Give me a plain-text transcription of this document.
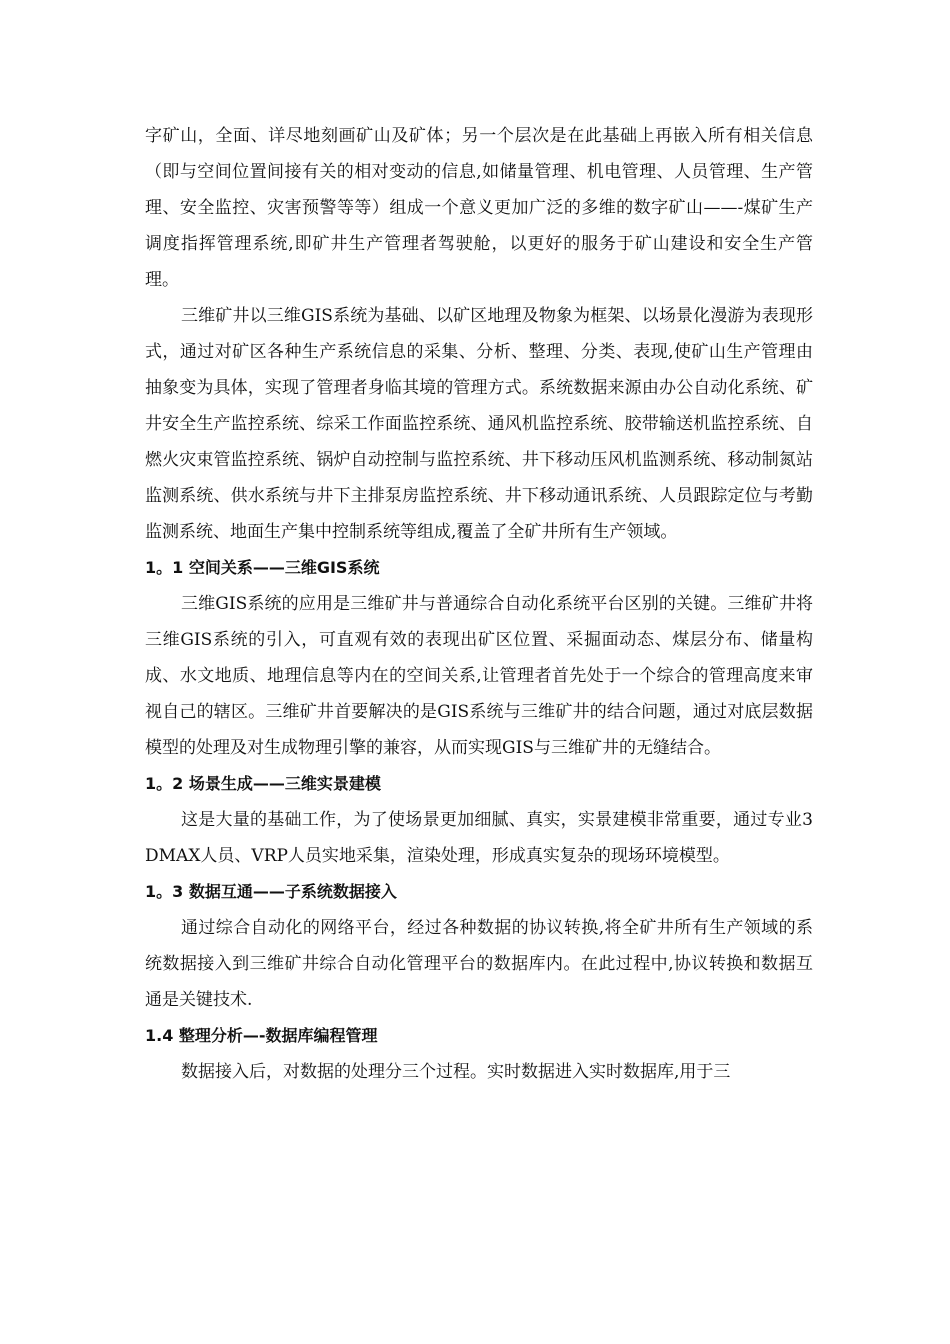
字矿山，全面、详尽地刻画矿山及矿体；另一个层次是在此基础上再嵌入所有相关信息（即与空间位置间接有关的相对变动的信息,如储量管理、机电管理、人员管理、生产管理、安全监控、灾害预警等等）组成一个意义更加广泛的多维的数字矿山——-煤矿生产调度指挥管理系统,即矿井生产管理者驾驶舱，以更好的服务于矿山建设和安全生产管理。

三维矿井以三维GIS系统为基础、以矿区地理及物象为框架、以场景化漫游为表现形式，通过对矿区各种生产系统信息的采集、分析、整理、分类、表现,使矿山生产管理由抽象变为具体，实现了管理者身临其境的管理方式。系统数据来源由办公自动化系统、矿井安全生产监控系统、综采工作面监控系统、通风机监控系统、胶带输送机监控系统、自燃火灾束管监控系统、锅炉自动控制与监控系统、井下移动压风机监测系统、移动制氮站监测系统、供水系统与井下主排泵房监控系统、井下移动通讯系统、人员跟踪定位与考勤监测系统、地面生产集中控制系统等组成,覆盖了全矿井所有生产领域。

1。1 空间关系——三维GIS系统

三维GIS系统的应用是三维矿井与普通综合自动化系统平台区别的关键。三维矿井将三维GIS系统的引入，可直观有效的表现出矿区位置、采掘面动态、煤层分布、储量构成、水文地质、地理信息等内在的空间关系,让管理者首先处于一个综合的管理高度来审视自己的辖区。三维矿井首要解决的是GIS系统与三维矿井的结合问题，通过对底层数据模型的处理及对生成物理引擎的兼容，从而实现GIS与三维矿井的无缝结合。

1。2 场景生成——三维实景建模

这是大量的基础工作，为了使场景更加细腻、真实，实景建模非常重要，通过专业3DMAX人员、VRP人员实地采集，渲染处理，形成真实复杂的现场环境模型。

1。3 数据互通——子系统数据接入

通过综合自动化的网络平台，经过各种数据的协议转换,将全矿井所有生产领域的系统数据接入到三维矿井综合自动化管理平台的数据库内。在此过程中,协议转换和数据互通是关键技术.

1.4 整理分析—-数据库编程管理

数据接入后，对数据的处理分三个过程。实时数据进入实时数据库,用于三
